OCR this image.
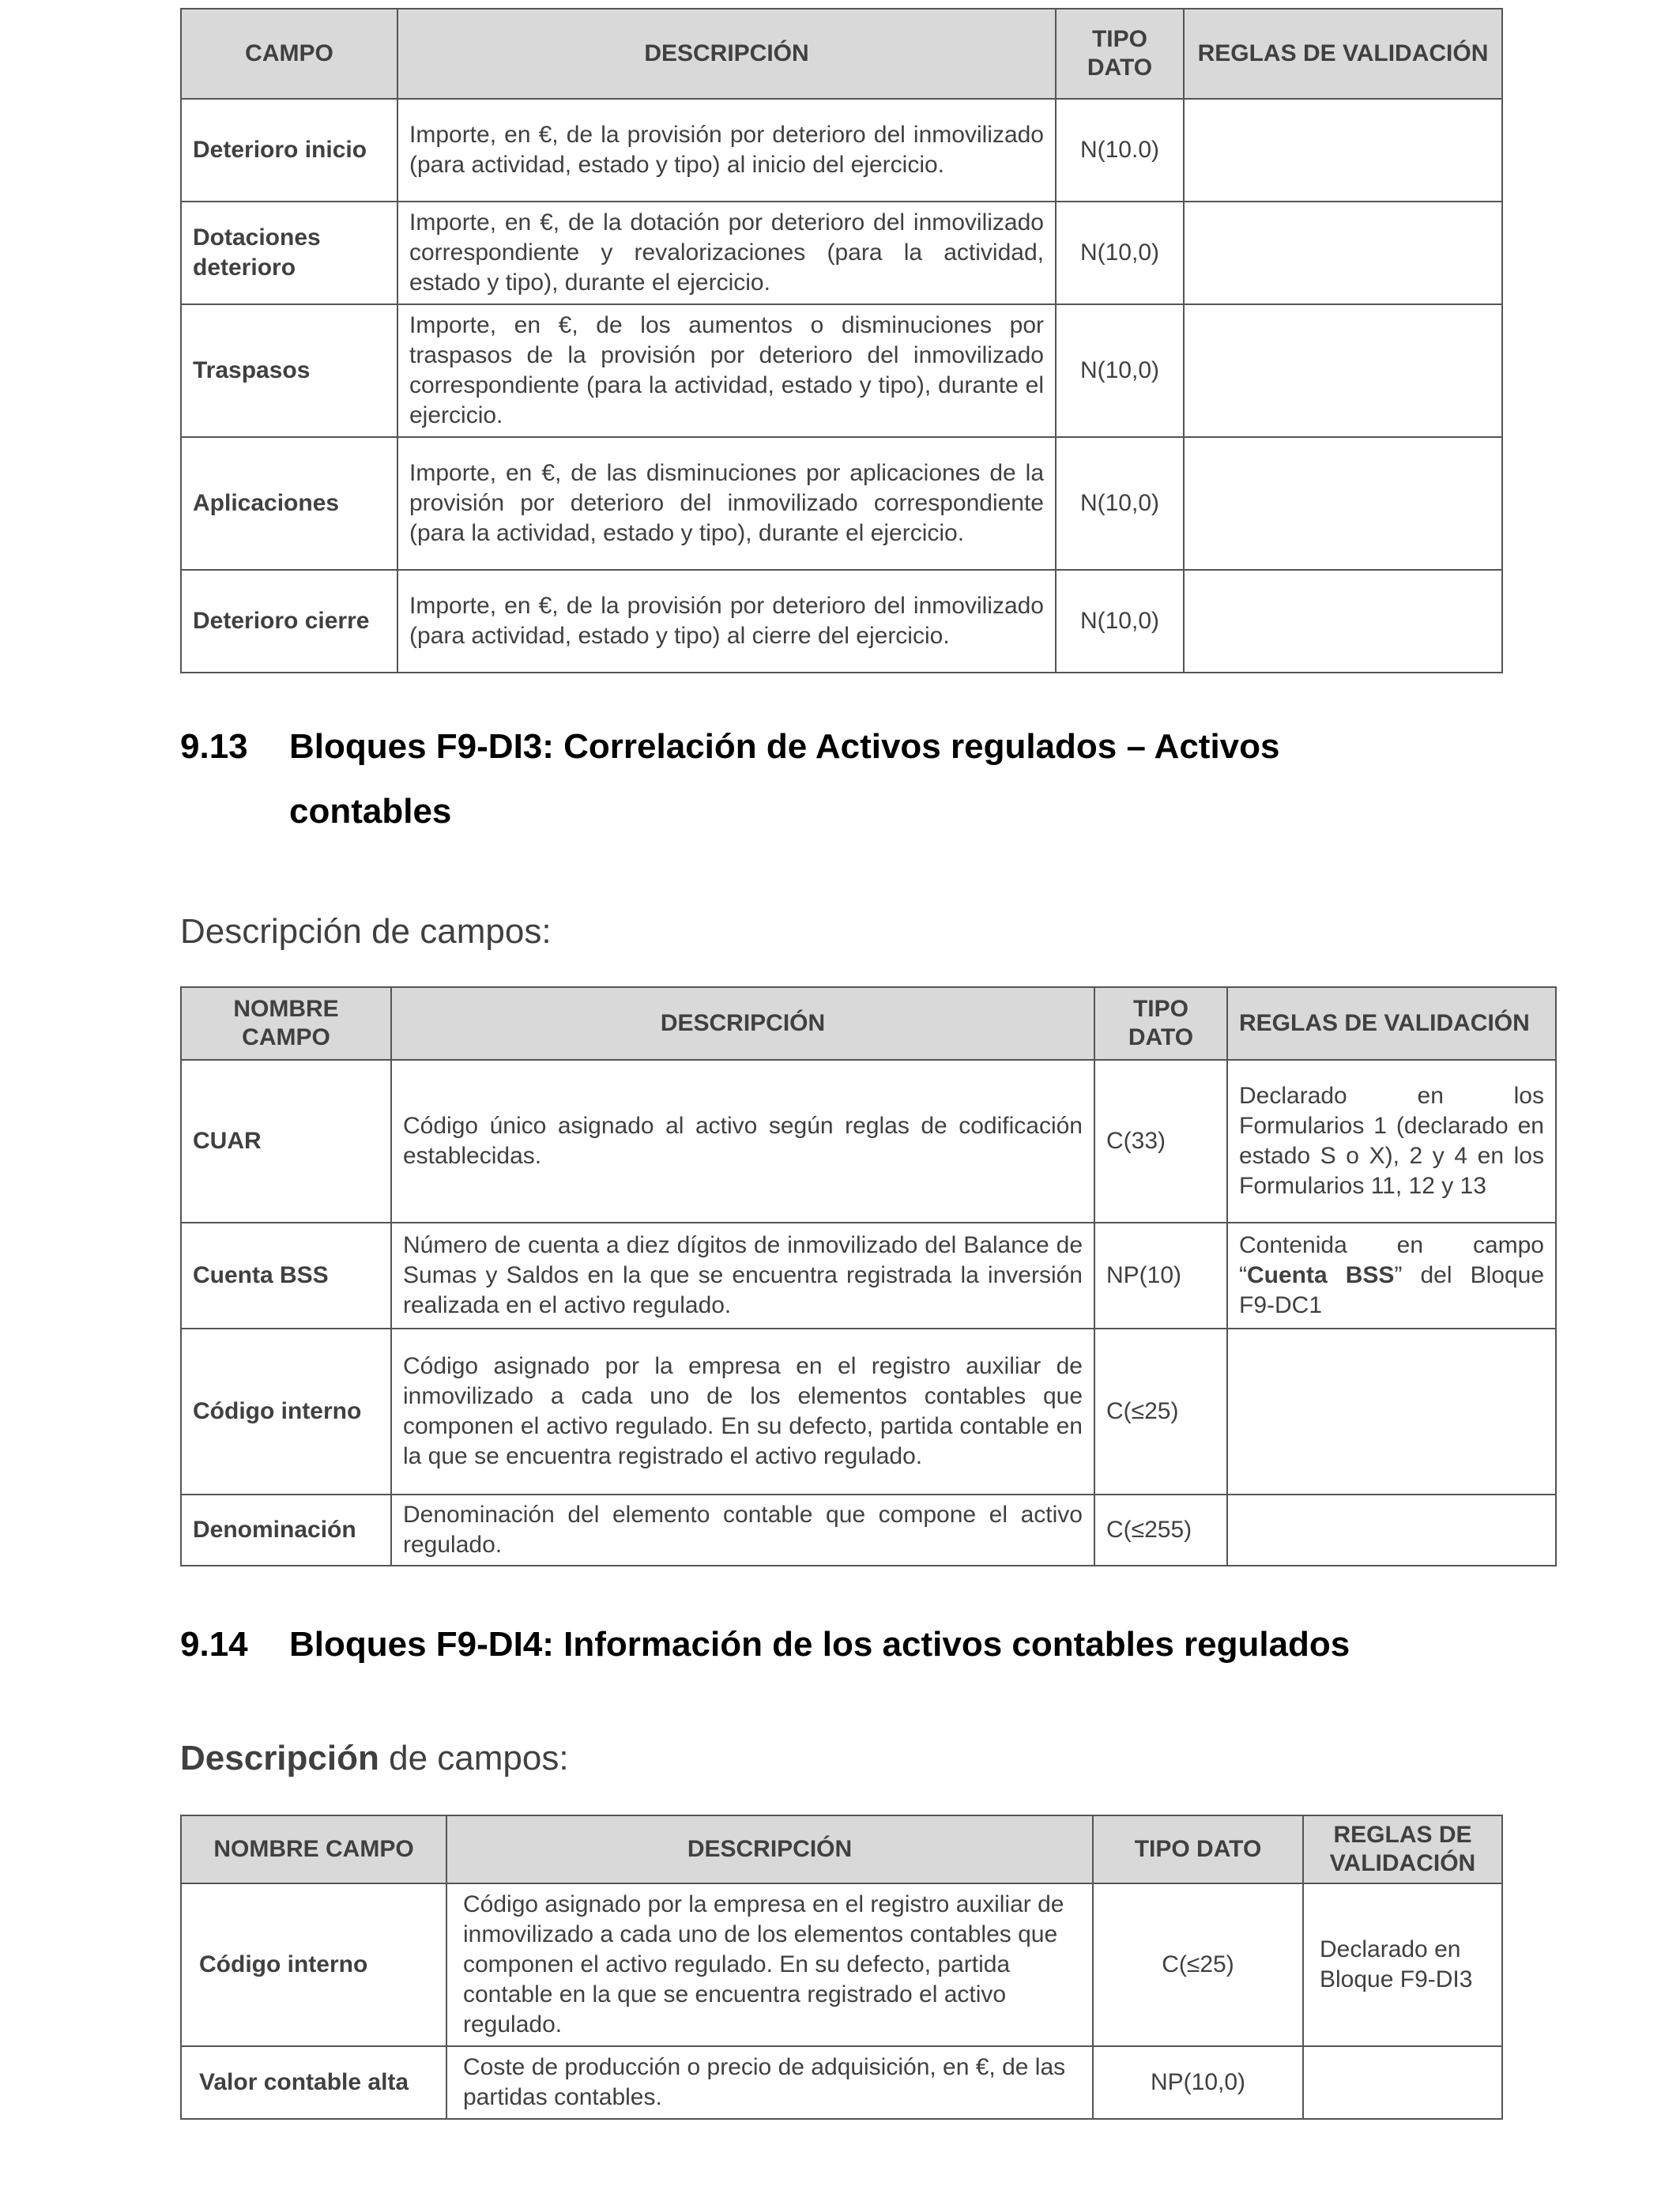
CAMPO	DESCRIPCIÓN	TIPO DATO	REGLAS DE VALIDACIÓN
Deterioro inicio	Importe, en €, de la provisión por deterioro del inmovilizado (para actividad, estado y tipo) al inicio del ejercicio.	N(10.0)	
Dotaciones deterioro	Importe, en €, de la dotación por deterioro del inmovilizado correspondiente y revalorizaciones (para la actividad, estado y tipo), durante el ejercicio.	N(10,0)	
Traspasos	Importe, en €, de los aumentos o disminuciones por traspasos de la provisión por deterioro del inmovilizado correspondiente (para la actividad, estado y tipo), durante el ejercicio.	N(10,0)	
Aplicaciones	Importe, en €, de las disminuciones por aplicaciones de la provisión por deterioro del inmovilizado correspondiente (para la actividad, estado y tipo), durante el ejercicio.	N(10,0)	
Deterioro cierre	Importe, en €, de la provisión por deterioro del inmovilizado (para actividad, estado y tipo) al cierre del ejercicio.	N(10,0)	
9.13 Bloques F9-DI3: Correlación de Activos regulados – Activos
contables
Descripción de campos:
NOMBRE CAMPO	DESCRIPCIÓN	TIPO DATO	REGLAS DE VALIDACIÓN
CUAR	Código único asignado al activo según reglas de codificación establecidas.	C(33)	Declarado en los Formularios 1 (declarado en estado S o X), 2 y 4 en los Formularios 11, 12 y 13
Cuenta BSS	Número de cuenta a diez dígitos de inmovilizado del Balance de Sumas y Saldos en la que se encuentra registrada la inversión realizada en el activo regulado.	NP(10)	Contenida en campo “Cuenta BSS” del Bloque F9-DC1
Código interno	Código asignado por la empresa en el registro auxiliar de inmovilizado a cada uno de los elementos contables que componen el activo regulado. En su defecto, partida contable en la que se encuentra registrado el activo regulado.	C(≤25)	
Denominación	Denominación del elemento contable que compone el activo regulado.	C(≤255)	
9.14 Bloques F9-DI4: Información de los activos contables regulados
Descripción de campos:
NOMBRE CAMPO	DESCRIPCIÓN	TIPO DATO	REGLAS DE VALIDACIÓN
Código interno	Código asignado por la empresa en el registro auxiliar de inmovilizado a cada uno de los elementos contables que componen el activo regulado. En su defecto, partida contable en la que se encuentra registrado el activo regulado.	C(≤25)	Declarado en Bloque F9-DI3
Valor contable alta	Coste de producción o precio de adquisición, en €, de las partidas contables.	NP(10,0)	
